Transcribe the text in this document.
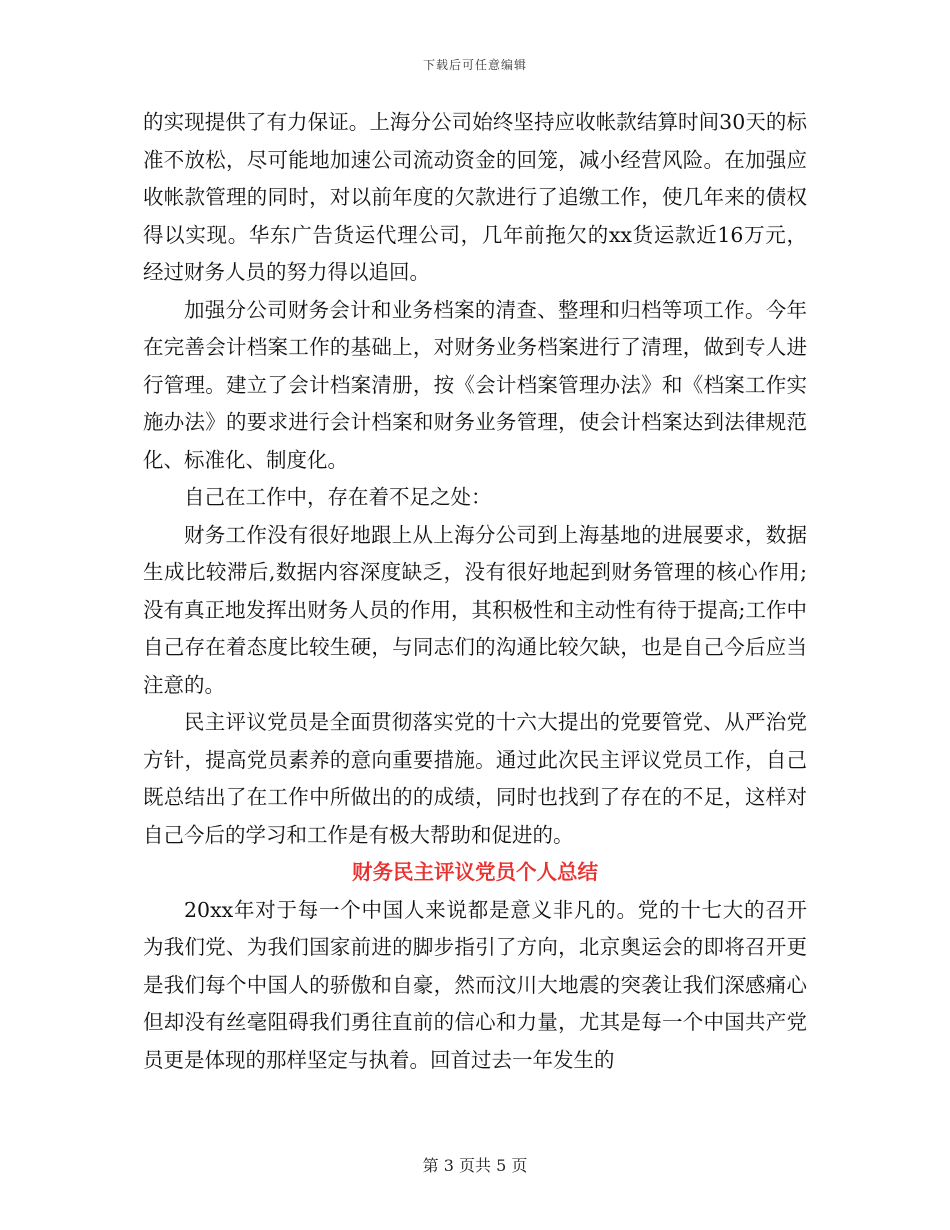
下载后可任意编辑

的实现提供了有力保证。上海分公司始终坚持应收帐款结算时间30天的标准不放松，尽可能地加速公司流动资金的回笼，减小经营风险。在加强应收帐款管理的同时，对以前年度的欠款进行了追缴工作，使几年来的债权得以实现。华东广告货运代理公司，几年前拖欠的xx货运款近16万元，经过财务人员的努力得以追回。

加强分公司财务会计和业务档案的清查、整理和归档等项工作。今年在完善会计档案工作的基础上，对财务业务档案进行了清理，做到专人进行管理。建立了会计档案清册，按《会计档案管理办法》和《档案工作实施办法》的要求进行会计档案和财务业务管理，使会计档案达到法律规范化、标准化、制度化。

自己在工作中，存在着不足之处：

财务工作没有很好地跟上从上海分公司到上海基地的进展要求，数据生成比较滞后,数据内容深度缺乏，没有很好地起到财务管理的核心作用;没有真正地发挥出财务人员的作用，其积极性和主动性有待于提高;工作中自己存在着态度比较生硬，与同志们的沟通比较欠缺，也是自己今后应当注意的。

民主评议党员是全面贯彻落实党的十六大提出的党要管党、从严治党方针，提高党员素养的意向重要措施。通过此次民主评议党员工作，自己既总结出了在工作中所做出的的成绩，同时也找到了存在的不足，这样对自己今后的学习和工作是有极大帮助和促进的。

财务民主评议党员个人总结

20xx年对于每一个中国人来说都是意义非凡的。党的十七大的召开为我们党、为我们国家前进的脚步指引了方向，北京奥运会的即将召开更是我们每个中国人的骄傲和自豪，然而汶川大地震的突袭让我们深感痛心但却没有丝毫阻碍我们勇往直前的信心和力量，尤其是每一个中国共产党员更是体现的那样坚定与执着。回首过去一年发生的

第 3 页共 5 页
